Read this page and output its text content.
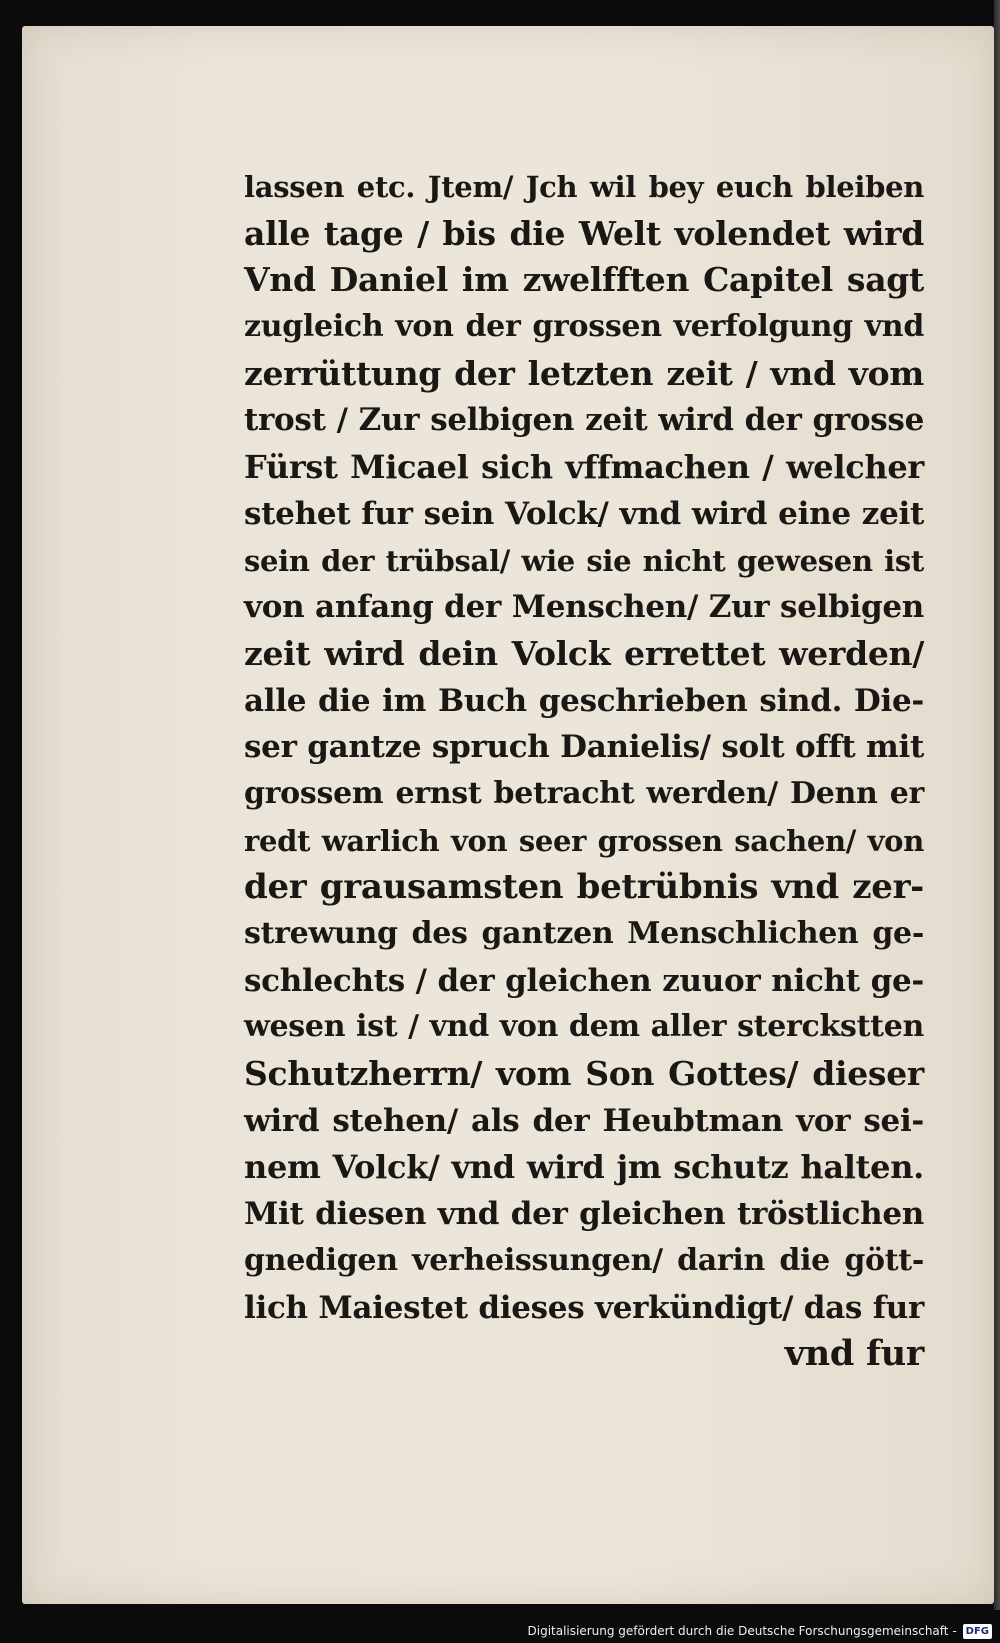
lassen etc. Jtem/ Jch wil bey euch bleiben
alle tage / bis die Welt volendet wird
Vnd Daniel im zwelfften Capitel sagt
zugleich von der grossen verfolgung vnd
zerrüttung der letzten zeit / vnd vom
trost / Zur selbigen zeit wird der grosse
Fürst Micael sich vffmachen / welcher
stehet fur sein Volck/ vnd wird eine zeit
sein der trübsal/ wie sie nicht gewesen ist
von anfang der Menschen/ Zur selbigen
zeit wird dein Volck errettet werden/
alle die im Buch geschrieben sind. Die-
ser gantze spruch Danielis/ solt offt mit
grossem ernst betracht werden/ Denn er
redt warlich von seer grossen sachen/ von
der grausamsten betrübnis vnd zer-
strewung des gantzen Menschlichen ge-
schlechts / der gleichen zuuor nicht ge-
wesen ist / vnd von dem aller sterckstten
Schutzherrn/ vom Son Gottes/ dieser
wird stehen/ als der Heubtman vor sei-
nem Volck/ vnd wird jm schutz halten.
Mit diesen vnd der gleichen tröstlichen
gnedigen verheissungen/ darin die gött-
lich Maiestet dieses verkündigt/ das fur
vnd fur
Digitalisierung gefördert durch die Deutsche Forschungsgemeinschaft - DFG
